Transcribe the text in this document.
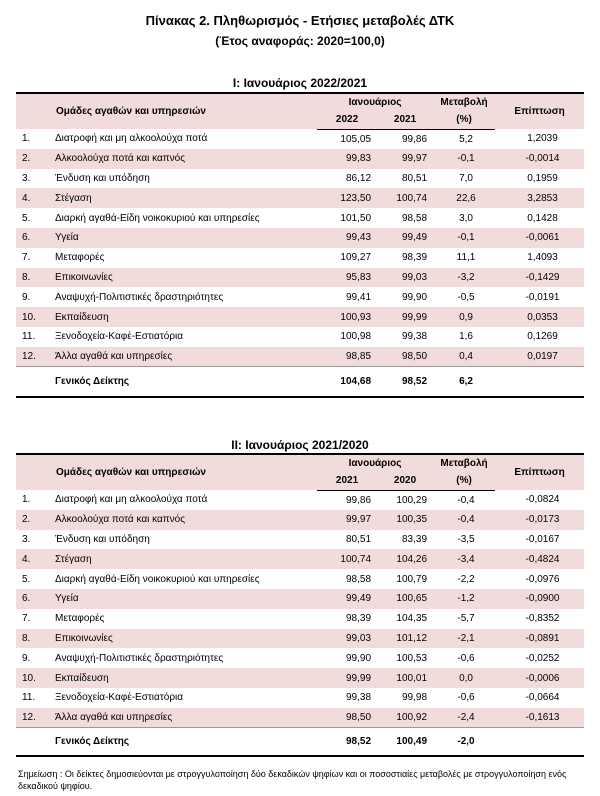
Πίνακας 2. Πληθωρισμός - Ετήσιες μεταβολές ΔΤΚ
(Έτος αναφοράς: 2020=100,0)
I: Ιανουάριος 2022/2021
Ομάδες αγαθών και υπηρεσιών		Ιανουάριος		Μεταβολή	Επίπτωση
		2022	2021	(%)	
1.	Διατροφή και μη αλκοολούχα ποτά	105,05	99,86	5,2	1,2039
2.	Αλκοολούχα ποτά και καπνός	99,83	99,97	-0,1	-0,0014
3.	Ένδυση και υπόδηση	86,12	80,51	7,0	0,1959
4.	Στέγαση	123,50	100,74	22,6	3,2853
5.	Διαρκή αγαθά-Είδη νοικοκυριού και υπηρεσίες	101,50	98,58	3,0	0,1428
6.	Υγεία	99,43	99,49	-0,1	-0,0061
7.	Μεταφορές	109,27	98,39	11,1	1,4093
8.	Επικοινωνίες	95,83	99,03	-3,2	-0,1429
9.	Αναψυχή-Πολιτιστικές δραστηριότητες	99,41	99,90	-0,5	-0,0191
10.	Εκπαίδευση	100,93	99,99	0,9	0,0353
11.	Ξενοδοχεία-Καφέ-Εστιατόρια	100,98	99,38	1,6	0,1269
12.	Άλλα αγαθά και υπηρεσίες	98,85	98,50	0,4	0,0197
	Γενικός Δείκτης	104,68	98,52	6,2	
II: Ιανουάριος 2021/2020
Ομάδες αγαθών και υπηρεσιών		Ιανουάριος		Μεταβολή	Επίπτωση
		2021	2020	(%)	
1.	Διατροφή και μη αλκοολούχα ποτά	99,86	100,29	-0,4	-0,0824
2.	Αλκοολούχα ποτά και καπνός	99,97	100,35	-0,4	-0,0173
3.	Ένδυση και υπόδηση	80,51	83,39	-3,5	-0,0167
4.	Στέγαση	100,74	104,26	-3,4	-0,4824
5.	Διαρκή αγαθά-Είδη νοικοκυριού και υπηρεσίες	98,58	100,79	-2,2	-0,0976
6.	Υγεία	99,49	100,65	-1,2	-0,0900
7.	Μεταφορές	98,39	104,35	-5,7	-0,8352
8.	Επικοινωνίες	99,03	101,12	-2,1	-0,0891
9.	Αναψυχή-Πολιτιστικές δραστηριότητες	99,90	100,53	-0,6	-0,0252
10.	Εκπαίδευση	99,99	100,01	0,0	-0,0006
11.	Ξενοδοχεία-Καφέ-Εστιατόρια	99,38	99,98	-0,6	-0,0664
12.	Άλλα αγαθά και υπηρεσίες	98,50	100,92	-2,4	-0,1613
	Γενικός Δείκτης	98,52	100,49	-2,0	
Σημείωση : Οι δείκτες δημοσιεύονται με στρογγυλοποίηση δύο δεκαδικών ψηφίων και οι ποσοστιαίες μεταβολές με στρογγυλοποίηση ενός δεκαδικού ψηφίου.
